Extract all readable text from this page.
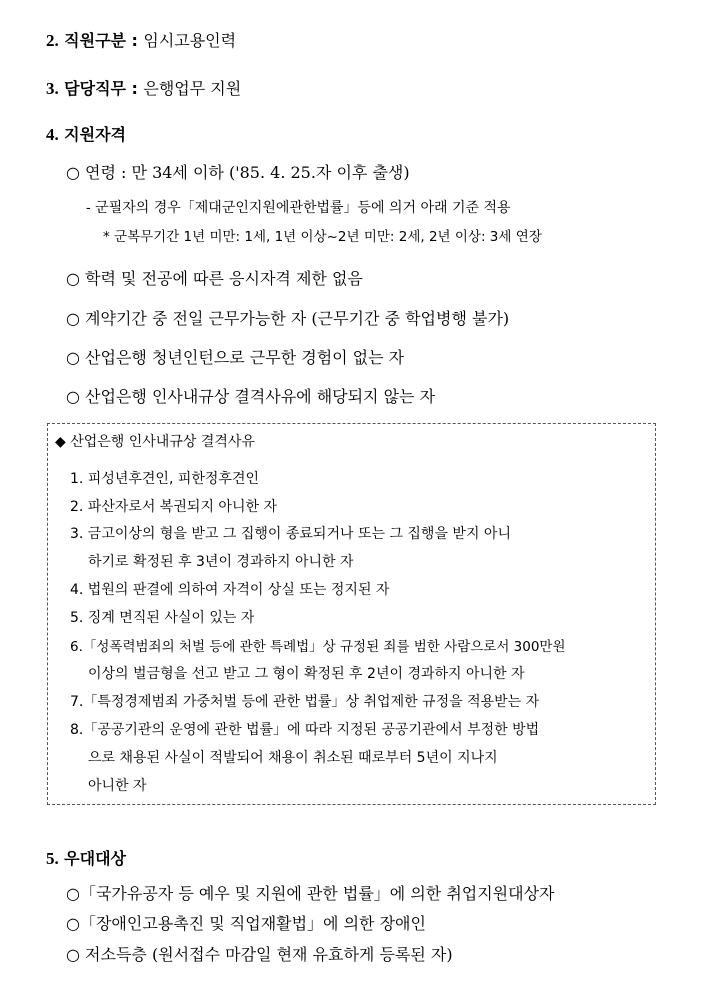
2. 직원구분 : 임시고용인력
3. 담당직무 : 은행업무 지원
4. 지원자격
○ 연령 : 만 34세 이하 ('85. 4. 25.자 이후 출생)
- 군필자의 경우「제대군인지원에관한법률」등에 의거 아래 기준 적용
* 군복무기간 1년 미만: 1세, 1년 이상~2년 미만: 2세, 2년 이상: 3세 연장
○ 학력 및 전공에 따른 응시자격 제한 없음
○ 계약기간 중 전일 근무가능한 자 (근무기간 중 학업병행 불가)
○ 산업은행 청년인턴으로 근무한 경험이 없는 자
○ 산업은행 인사내규상 결격사유에 해당되지 않는 자
◆ 산업은행 인사내규상 결격사유
1. 피성년후견인, 피한정후견인
2. 파산자로서 복권되지 아니한 자
3. 금고이상의 형을 받고 그 집행이 종료되거나 또는 그 집행을 받지 아니
하기로 확정된 후 3년이 경과하지 아니한 자
4. 법원의 판결에 의하여 자격이 상실 또는 정지된 자
5. 징계 면직된 사실이 있는 자
6.「성폭력범죄의 처벌 등에 관한 특례법」상 규정된 죄를 범한 사람으로서 300만원
이상의 벌금형을 선고 받고 그 형이 확정된 후 2년이 경과하지 아니한 자
7.「특정경제범죄 가중처벌 등에 관한 법률」상 취업제한 규정을 적용받는 자
8.「공공기관의 운영에 관한 법률」에 따라 지정된 공공기관에서 부정한 방법
으로 채용된 사실이 적발되어 채용이 취소된 때로부터 5년이 지나지
아니한 자
5. 우대대상
○「국가유공자 등 예우 및 지원에 관한 법률」에 의한 취업지원대상자
○「장애인고용촉진 및 직업재활법」에 의한 장애인
○ 저소득층 (원서접수 마감일 현재 유효하게 등록된 자)
